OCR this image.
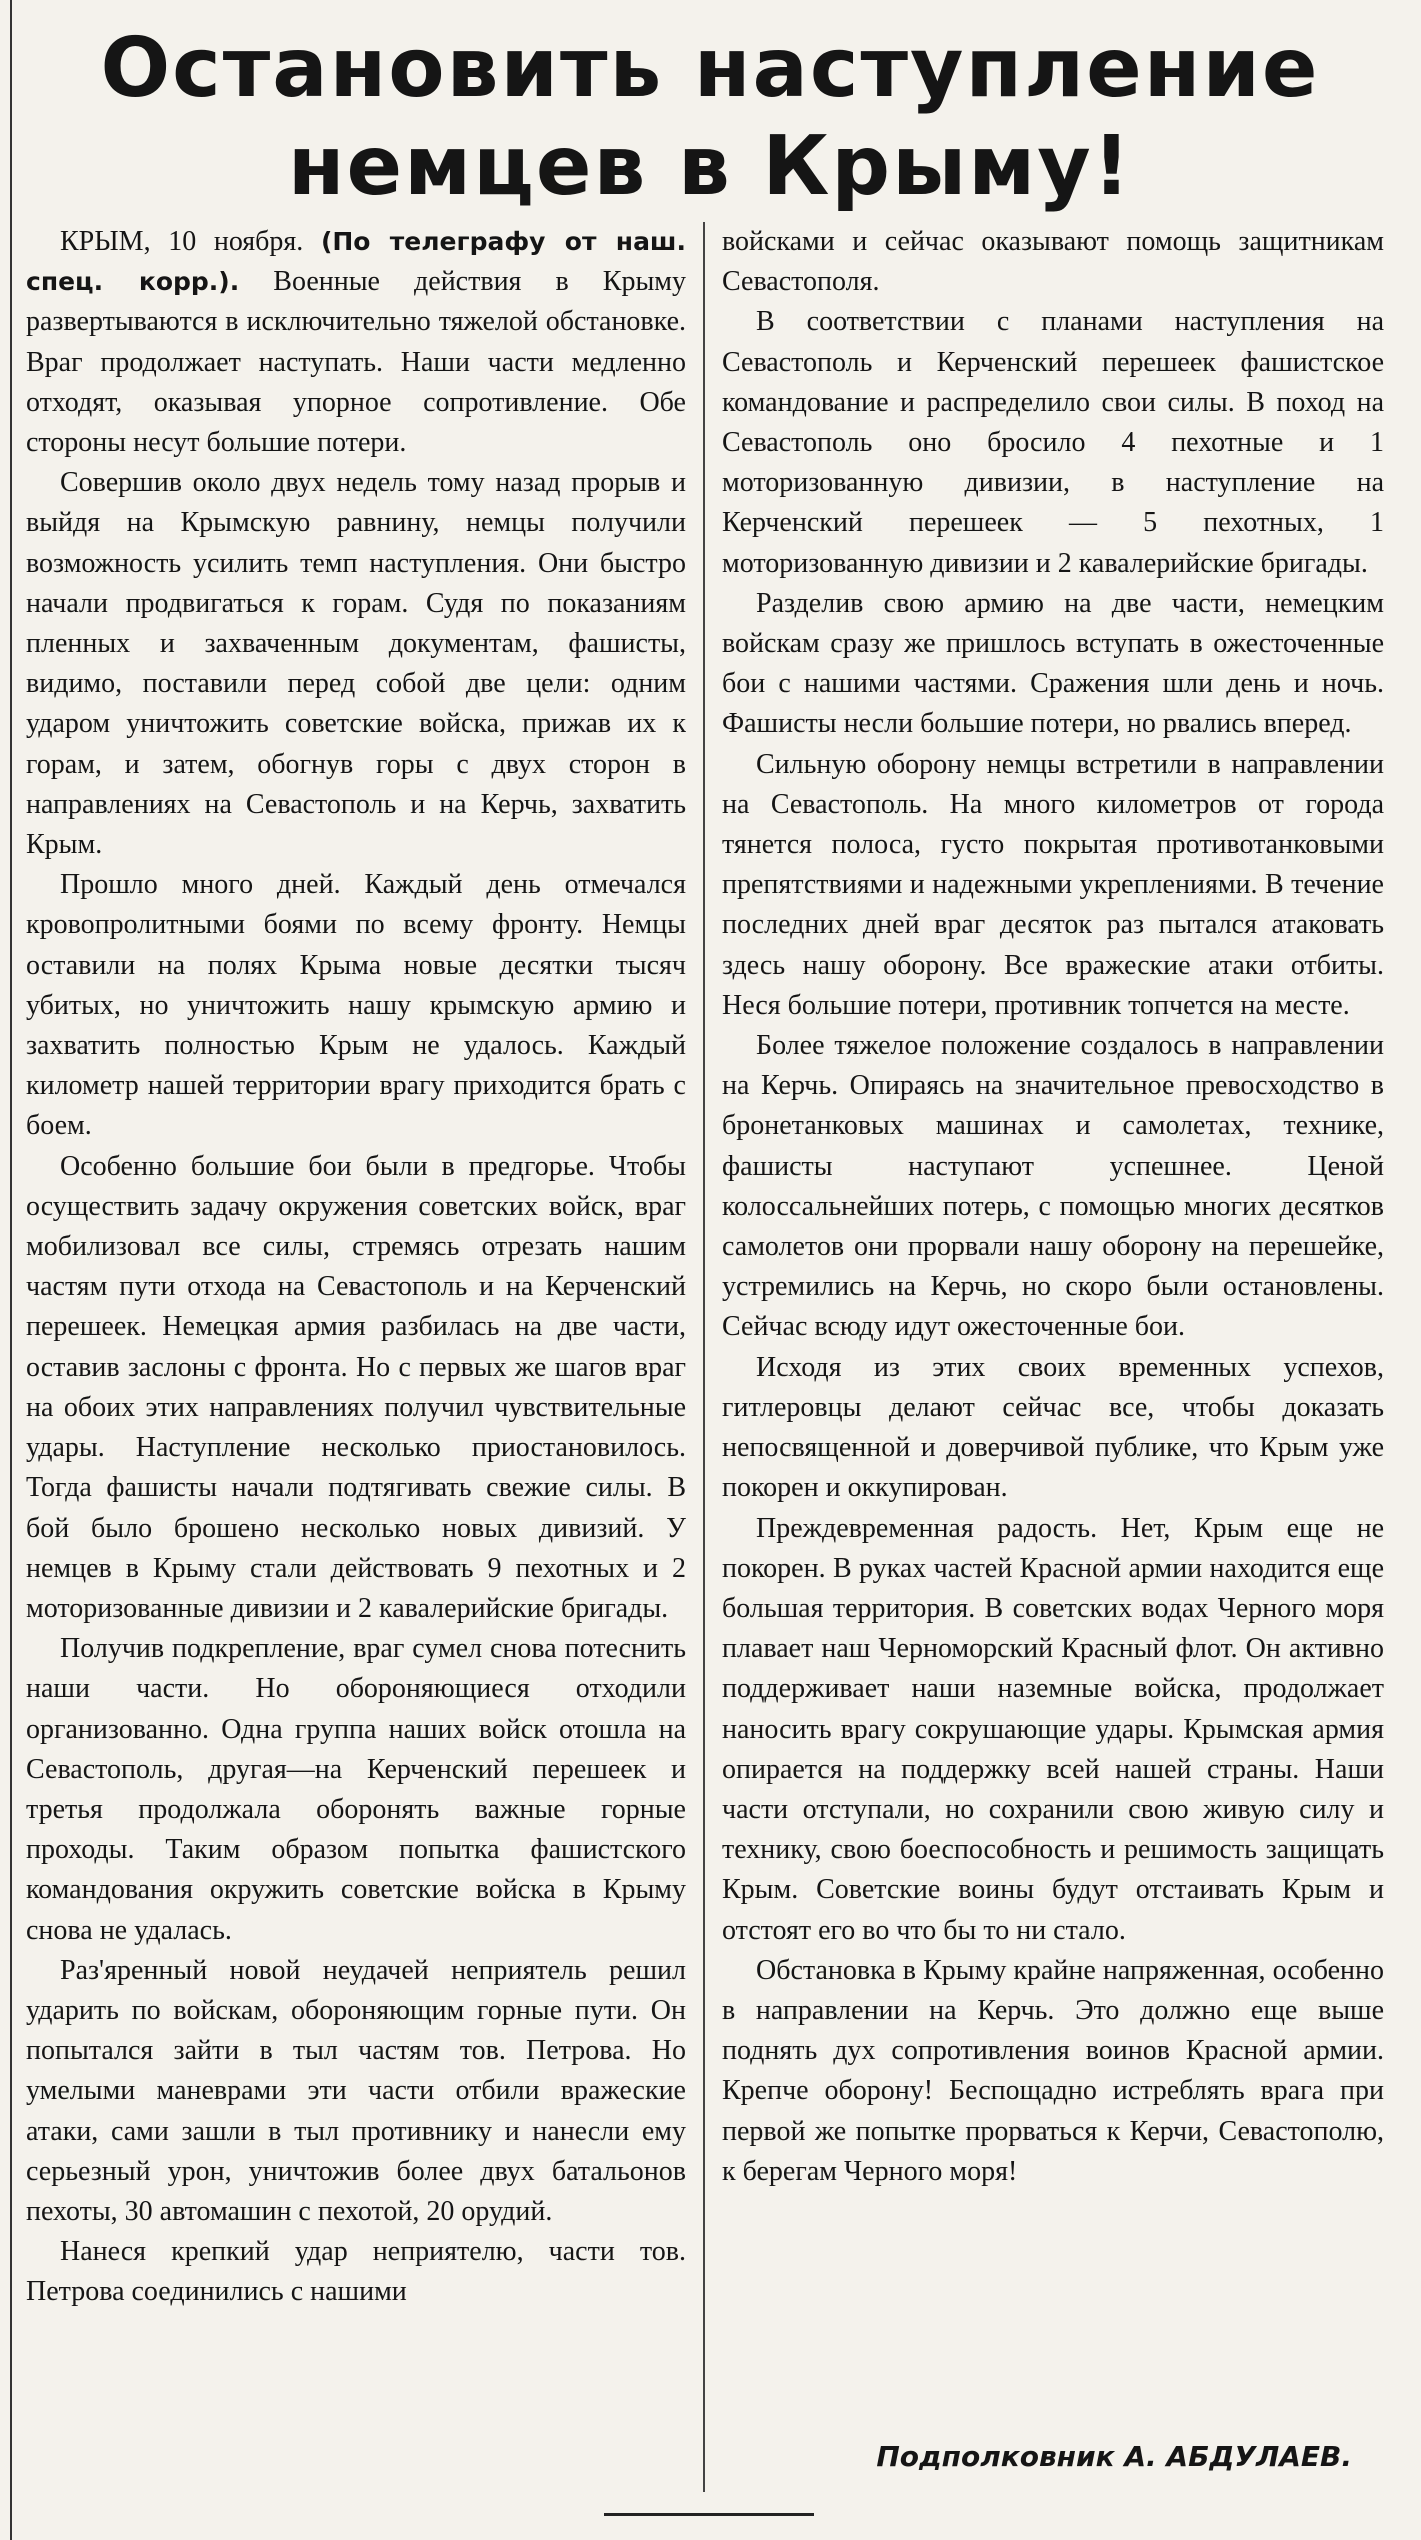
Остановить наступление
немцев в Крыму!

КРЫМ, 10 ноября. (По телеграфу от наш. спец. корр.). Военные действия в Крыму развертываются в исключительно тяжелой обстановке. Враг продолжает наступать. Наши части медленно отходят, оказывая упорное сопротивление. Обе стороны несут большие потери.

Совершив около двух недель тому назад прорыв и выйдя на Крымскую равнину, немцы получили возможность усилить темп наступления. Они быстро начали продвигаться к горам. Судя по показаниям пленных и захваченным документам, фашисты, видимо, поставили перед собой две цели: одним ударом уничтожить советские войска, прижав их к горам, и затем, обогнув горы с двух сторон в направлениях на Севастополь и на Керчь, захватить Крым.

Прошло много дней. Каждый день отмечался кровопролитными боями по всему фронту. Немцы оставили на полях Крыма новые десятки тысяч убитых, но уничтожить нашу крымскую армию и захватить полностью Крым не удалось. Каждый километр нашей территории врагу приходится брать с боем.

Особенно большие бои были в предгорье. Чтобы осуществить задачу окружения советских войск, враг мобилизовал все силы, стремясь отрезать нашим частям пути отхода на Севастополь и на Керченский перешеек. Немецкая армия разбилась на две части, оставив заслоны с фронта. Но с первых же шагов враг на обоих этих направлениях получил чувствительные удары. Наступление несколько приостановилось. Тогда фашисты начали подтягивать свежие силы. В бой было брошено несколько новых дивизий. У немцев в Крыму стали действовать 9 пехотных и 2 моторизованные дивизии и 2 кавалерийские бригады.

Получив подкрепление, враг сумел снова потеснить наши части. Но обороняющиеся отходили организованно. Одна группа наших войск отошла на Севастополь, другая—на Керченский перешеек и третья продолжала оборонять важные горные проходы. Таким образом попытка фашистского командования окружить советские войска в Крыму снова не удалась.

Раз'яренный новой неудачей неприятель решил ударить по войскам, обороняющим горные пути. Он попытался зайти в тыл частям тов. Петрова. Но умелыми маневрами эти части отбили вражеские атаки, сами зашли в тыл противнику и нанесли ему серьезный урон, уничтожив более двух батальонов пехоты, 30 автомашин с пехотой, 20 орудий.

Нанеся крепкий удар неприятелю, части тов. Петрова соединились с нашими

войсками и сейчас оказывают помощь защитникам Севастополя.

В соответствии с планами наступления на Севастополь и Керченский перешеек фашистское командование и распределило свои силы. В поход на Севастополь оно бросило 4 пехотные и 1 моторизованную дивизии, в наступление на Керченский перешеек — 5 пехотных, 1 моторизованную дивизии и 2 кавалерийские бригады.

Разделив свою армию на две части, немецким войскам сразу же пришлось вступать в ожесточенные бои с нашими частями. Сражения шли день и ночь. Фашисты несли большие потери, но рвались вперед.

Сильную оборону немцы встретили в направлении на Севастополь. На много километров от города тянется полоса, густо покрытая противотанковыми препятствиями и надежными укреплениями. В течение последних дней враг десяток раз пытался атаковать здесь нашу оборону. Все вражеские атаки отбиты. Неся большие потери, противник топчется на месте.

Более тяжелое положение создалось в направлении на Керчь. Опираясь на значительное превосходство в бронетанковых машинах и самолетах, технике, фашисты наступают успешнее. Ценой колоссальнейших потерь, с помощью многих десятков самолетов они прорвали нашу оборону на перешейке, устремились на Керчь, но скоро были остановлены. Сейчас всюду идут ожесточенные бои.

Исходя из этих своих временных успехов, гитлеровцы делают сейчас все, чтобы доказать непосвященной и доверчивой публике, что Крым уже покорен и оккупирован.

Преждевременная радость. Нет, Крым еще не покорен. В руках частей Красной армии находится еще большая территория. В советских водах Черного моря плавает наш Черноморский Красный флот. Он активно поддерживает наши наземные войска, продолжает наносить врагу сокрушающие удары. Крымская армия опирается на поддержку всей нашей страны. Наши части отступали, но сохранили свою живую силу и технику, свою боеспособность и решимость защищать Крым. Советские воины будут отстаивать Крым и отстоят его во что бы то ни стало.

Обстановка в Крыму крайне напряженная, особенно в направлении на Керчь. Это должно еще выше поднять дух сопротивления воинов Красной армии. Крепче оборону! Беспощадно истреблять врага при первой же попытке прорваться к Керчи, Севастополю, к берегам Черного моря!

Подполковник А. АБДУЛАЕВ.
